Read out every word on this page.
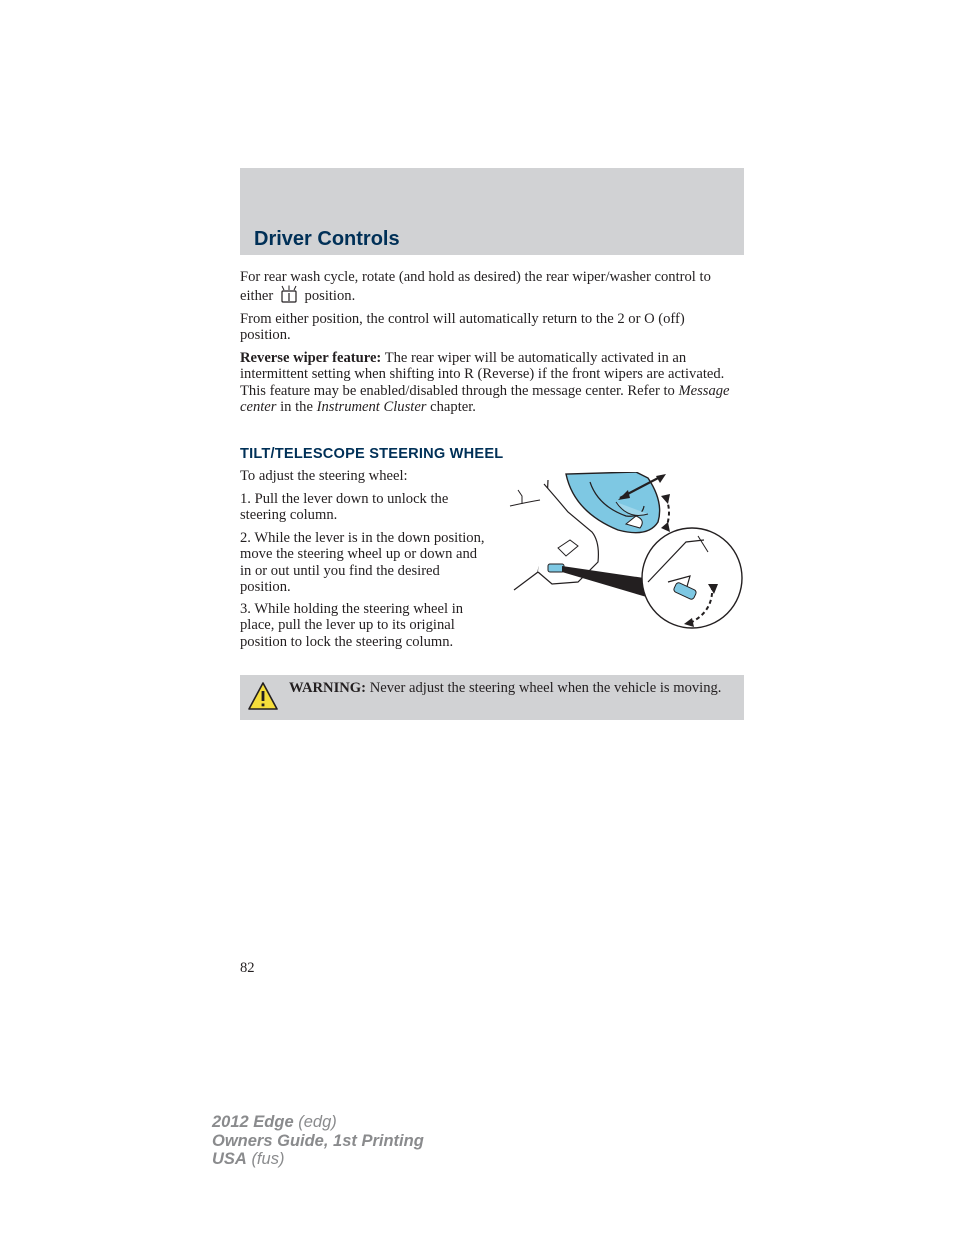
Driver Controls

For rear wash cycle, rotate (and hold as desired) the rear wiper/washer control to either position.

From either position, the control will automatically return to the 2 or O (off) position.

Reverse wiper feature: The rear wiper will be automatically activated in an intermittent setting when shifting into R (Reverse) if the front wipers are activated. This feature may be enabled/disabled through the message center. Refer to Message center in the Instrument Cluster chapter.

TILT/TELESCOPE STEERING WHEEL

To adjust the steering wheel:

1. Pull the lever down to unlock the steering column.

2. While the lever is in the down position, move the steering wheel up or down and in or out until you find the desired position.

3. While holding the steering wheel in place, pull the lever up to its original position to lock the steering column.

WARNING: Never adjust the steering wheel when the vehicle is moving.
82
2012 Edge (edg)
Owners Guide, 1st Printing
USA (fus)
